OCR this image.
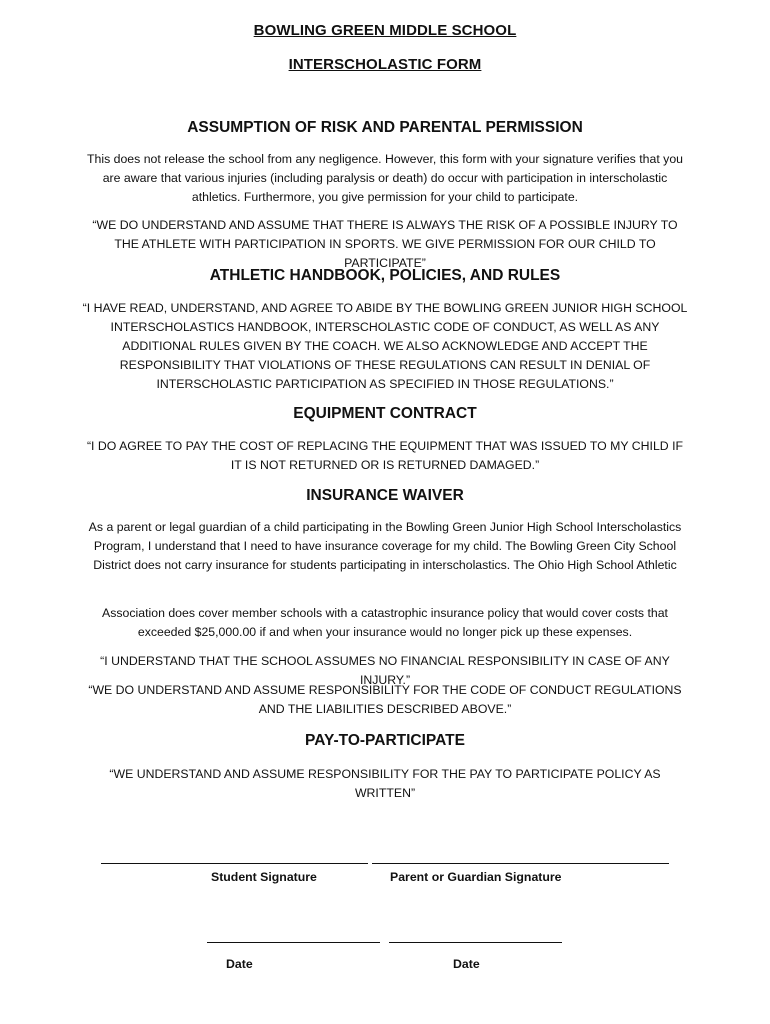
BOWLING GREEN MIDDLE SCHOOL

INTERSCHOLASTIC FORM

ASSUMPTION OF RISK AND PARENTAL PERMISSION

This does not release the school from any negligence. However, this form with your signature verifies that you are aware that various injuries (including paralysis or death) do occur with participation in interscholastic athletics. Furthermore, you give permission for your child to participate.

“WE DO UNDERSTAND AND ASSUME THAT THERE IS ALWAYS THE RISK OF A POSSIBLE INJURY TO THE ATHLETE WITH PARTICIPATION IN SPORTS. WE GIVE PERMISSION FOR OUR CHILD TO PARTICIPATE”

ATHLETIC HANDBOOK, POLICIES, AND RULES

“I HAVE READ, UNDERSTAND, AND AGREE TO ABIDE BY THE BOWLING GREEN JUNIOR HIGH SCHOOL INTERSCHOLASTICS HANDBOOK, INTERSCHOLASTIC CODE OF CONDUCT, AS WELL AS ANY ADDITIONAL RULES GIVEN BY THE COACH. WE ALSO ACKNOWLEDGE AND ACCEPT THE RESPONSIBILITY THAT VIOLATIONS OF THESE REGULATIONS CAN RESULT IN DENIAL OF INTERSCHOLASTIC PARTICIPATION AS SPECIFIED IN THOSE REGULATIONS.”

EQUIPMENT CONTRACT

“I DO AGREE TO PAY THE COST OF REPLACING THE EQUIPMENT THAT WAS ISSUED TO MY CHILD IF IT IS NOT RETURNED OR IS RETURNED DAMAGED.”

INSURANCE WAIVER

As a parent or legal guardian of a child participating in the Bowling Green Junior High School Interscholastics Program, I understand that I need to have insurance coverage for my child. The Bowling Green City School District does not carry insurance for students participating in interscholastics. The Ohio High School Athletic

Association does cover member schools with a catastrophic insurance policy that would cover costs that exceeded $25,000.00 if and when your insurance would no longer pick up these expenses.

“I UNDERSTAND THAT THE SCHOOL ASSUMES NO FINANCIAL RESPONSIBILITY IN CASE OF ANY INJURY.”

“WE DO UNDERSTAND AND ASSUME RESPONSIBILITY FOR THE CODE OF CONDUCT REGULATIONS AND THE LIABILITIES DESCRIBED ABOVE.”

PAY-TO-PARTICIPATE

“WE UNDERSTAND AND ASSUME RESPONSIBILITY FOR THE PAY TO PARTICIPATE POLICY AS WRITTEN”

Student Signature	Parent or Guardian Signature

Date	Date
